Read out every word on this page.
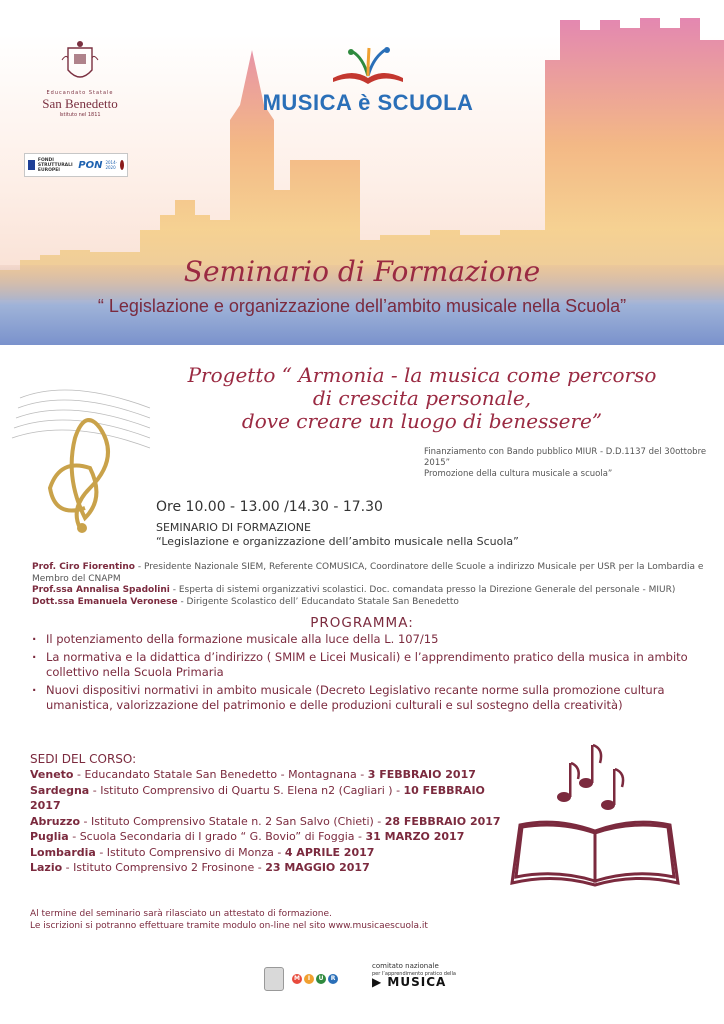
Educandato Statale
San Benedetto
Istituto nel 1811
FONDI STRUTTURALI EUROPEI	PON 2014-2020
MUSICA è SCUOLA
Seminario di Formazione
“ Legislazione e organizzazione dell’ambito musicale nella Scuola”
Progetto “ Armonia - la musica come percorso
di crescita personale,
dove creare un luogo di benessere”
Finanziamento con Bando pubblico MIUR - D.D.1137 del 30ottobre 2015”
Promozione della cultura musicale a scuola”
Ore 10.00 - 13.00 /14.30 - 17.30
SEMINARIO DI FORMAZIONE
“Legislazione e organizzazione dell’ambito musicale nella Scuola”
Prof. Ciro Fiorentino - Presidente Nazionale SIEM, Referente COMUSICA, Coordinatore delle Scuole a indirizzo Musicale per USR per la Lombardia e Membro del CNAPM
Prof.ssa Annalisa Spadolini - Esperta di sistemi organizzativi scolastici. Doc. comandata presso la Direzione Generale del personale - MIUR)
Dott.ssa Emanuela Veronese - Dirigente Scolastico dell’ Educandato Statale San Benedetto
PROGRAMMA:
· Il potenziamento della formazione musicale alla luce della L. 107/15
· La normativa e la didattica d’indirizzo ( SMIM e Licei Musicali) e l’apprendimento pratico della musica in ambito collettivo nella Scuola Primaria
· Nuovi dispositivi normativi in ambito musicale (Decreto Legislativo recante norme sulla promozione cultura umanistica, valorizzazione del patrimonio e delle produzioni culturali e sul sostegno della creatività)
SEDI DEL CORSO:
Veneto - Educandato Statale San Benedetto - Montagnana - 3 FEBBRAIO 2017
Sardegna - Istituto Comprensivo di Quartu S. Elena n2 (Cagliari ) - 10 FEBBRAIO 2017
Abruzzo - Istituto Comprensivo Statale n. 2 San Salvo (Chieti) - 28 FEBBRAIO 2017
Puglia - Scuola Secondaria di I grado “ G. Bovio” di Foggia - 31 MARZO 2017
Lombardia - Istituto Comprensivo di Monza - 4 APRILE 2017
Lazio - Istituto Comprensivo 2 Frosinone - 23 MAGGIO 2017
Al termine del seminario sarà rilasciato un attestato di formazione.
Le iscrizioni si potranno effettuare tramite modulo on-line nel sito www.musicaescuola.it
M	I	U	R
comitato nazionale
per l’apprendimento pratico della
▶ MUSICA
